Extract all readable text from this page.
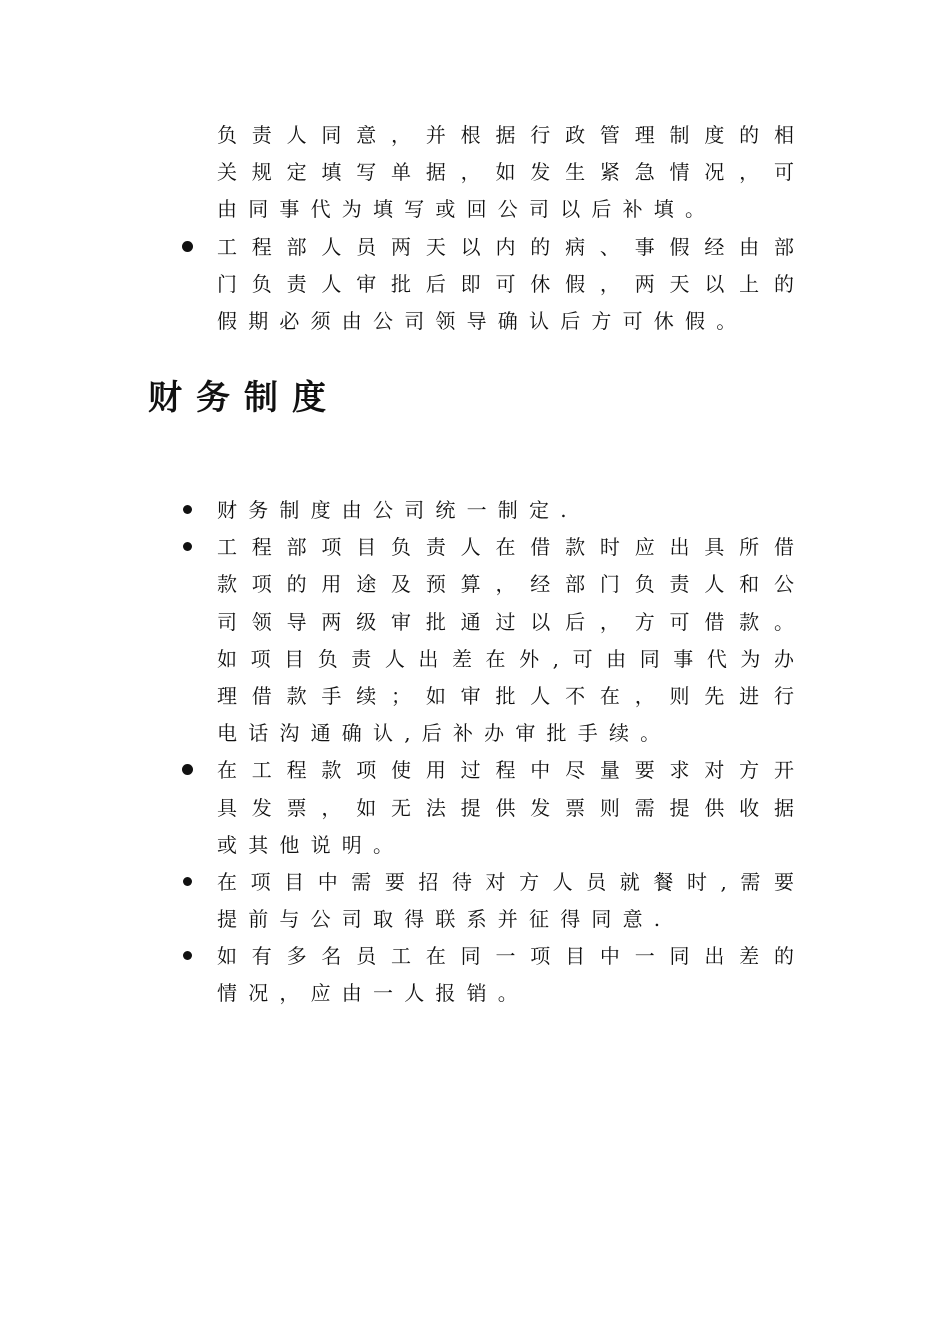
负责人同意，并根据行政管理制度的相
关规定填写单据，如发生紧急情况，可
由同事代为填写或回公司以后补填。
工程部人员两天以内的病、事假经由部
门负责人审批后即可休假，两天以上的
假期必须由公司领导确认后方可休假。
财务制度
财务制度由公司统一制定.
工程部项目负责人在借款时应出具所借
款项的用途及预算，经部门负责人和公
司领导两级审批通过以后，方可借款。
如项目负责人出差在外,可由同事代为办
理借款手续；如审批人不在，则先进行
电话沟通确认,后补办审批手续。
在工程款项使用过程中尽量要求对方开
具发票，如无法提供发票则需提供收据
或其他说明。
在项目中需要招待对方人员就餐时,需要
提前与公司取得联系并征得同意.
如有多名员工在同一项目中一同出差的
情况，应由一人报销。
